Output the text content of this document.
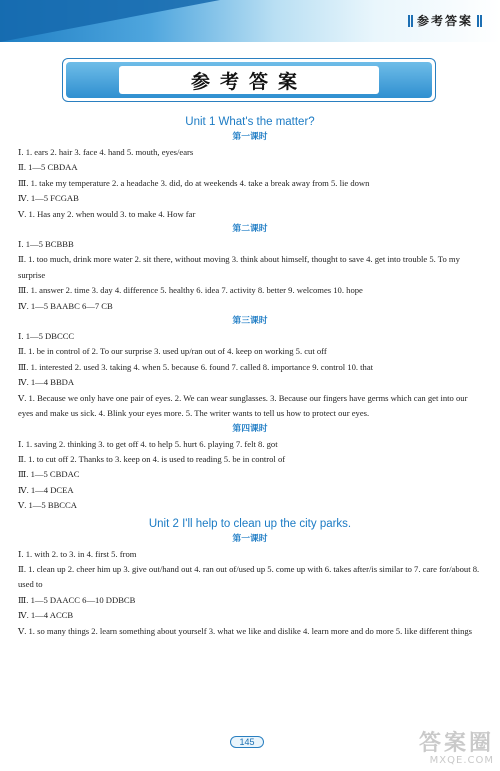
参考答案
参考答案
Unit 1 What's the matter?
第一课时
Ⅰ. 1. ears 2. hair 3. face 4. hand 5. mouth, eyes/ears
Ⅱ. 1—5 CBDAA
Ⅲ. 1. take my temperature 2. a headache 3. did, do at weekends 4. take a break away from 5. lie down
Ⅳ. 1—5 FCGAB
Ⅴ. 1. Has any 2. when would 3. to make 4. How far
第二课时
Ⅰ. 1—5 BCBBB
Ⅱ. 1. too much, drink more water 2. sit there, without moving 3. think about himself, thought to save 4. get into trouble 5. To my surprise
Ⅲ. 1. answer 2. time 3. day 4. difference 5. healthy 6. idea 7. activity 8. better 9. welcomes 10. hope
Ⅳ. 1—5 BAABC 6—7 CB
第三课时
Ⅰ. 1—5 DBCCC
Ⅱ. 1. be in control of 2. To our surprise 3. used up/ran out of 4. keep on working 5. cut off
Ⅲ. 1. interested 2. used 3. taking 4. when 5. because 6. found 7. called 8. importance 9. control 10. that
Ⅳ. 1—4 BBDA
Ⅴ. 1. Because we only have one pair of eyes. 2. We can wear sunglasses. 3. Because our fingers have germs which can get into our eyes and make us sick. 4. Blink your eyes more. 5. The writer wants to tell us how to protect our eyes.
第四课时
Ⅰ. 1. saving 2. thinking 3. to get off 4. to help 5. hurt 6. playing 7. felt 8. got
Ⅱ. 1. to cut off 2. Thanks to 3. keep on 4. is used to reading 5. be in control of
Ⅲ. 1—5 CBDAC
Ⅳ. 1—4 DCEA
Ⅴ. 1—5 BBCCA
Unit 2 I'll help to clean up the city parks.
第一课时
Ⅰ. 1. with 2. to 3. in 4. first 5. from
Ⅱ. 1. clean up 2. cheer him up 3. give out/hand out 4. ran out of/used up 5. come up with 6. takes after/is similar to 7. care for/about 8. used to
Ⅲ. 1—5 DAACC 6—10 DDBCB
Ⅳ. 1—4 ACCB
Ⅴ. 1. so many things 2. learn something about yourself 3. what we like and dislike 4. learn more and do more 5. like different things
145	答案圈
MXQE.COM
